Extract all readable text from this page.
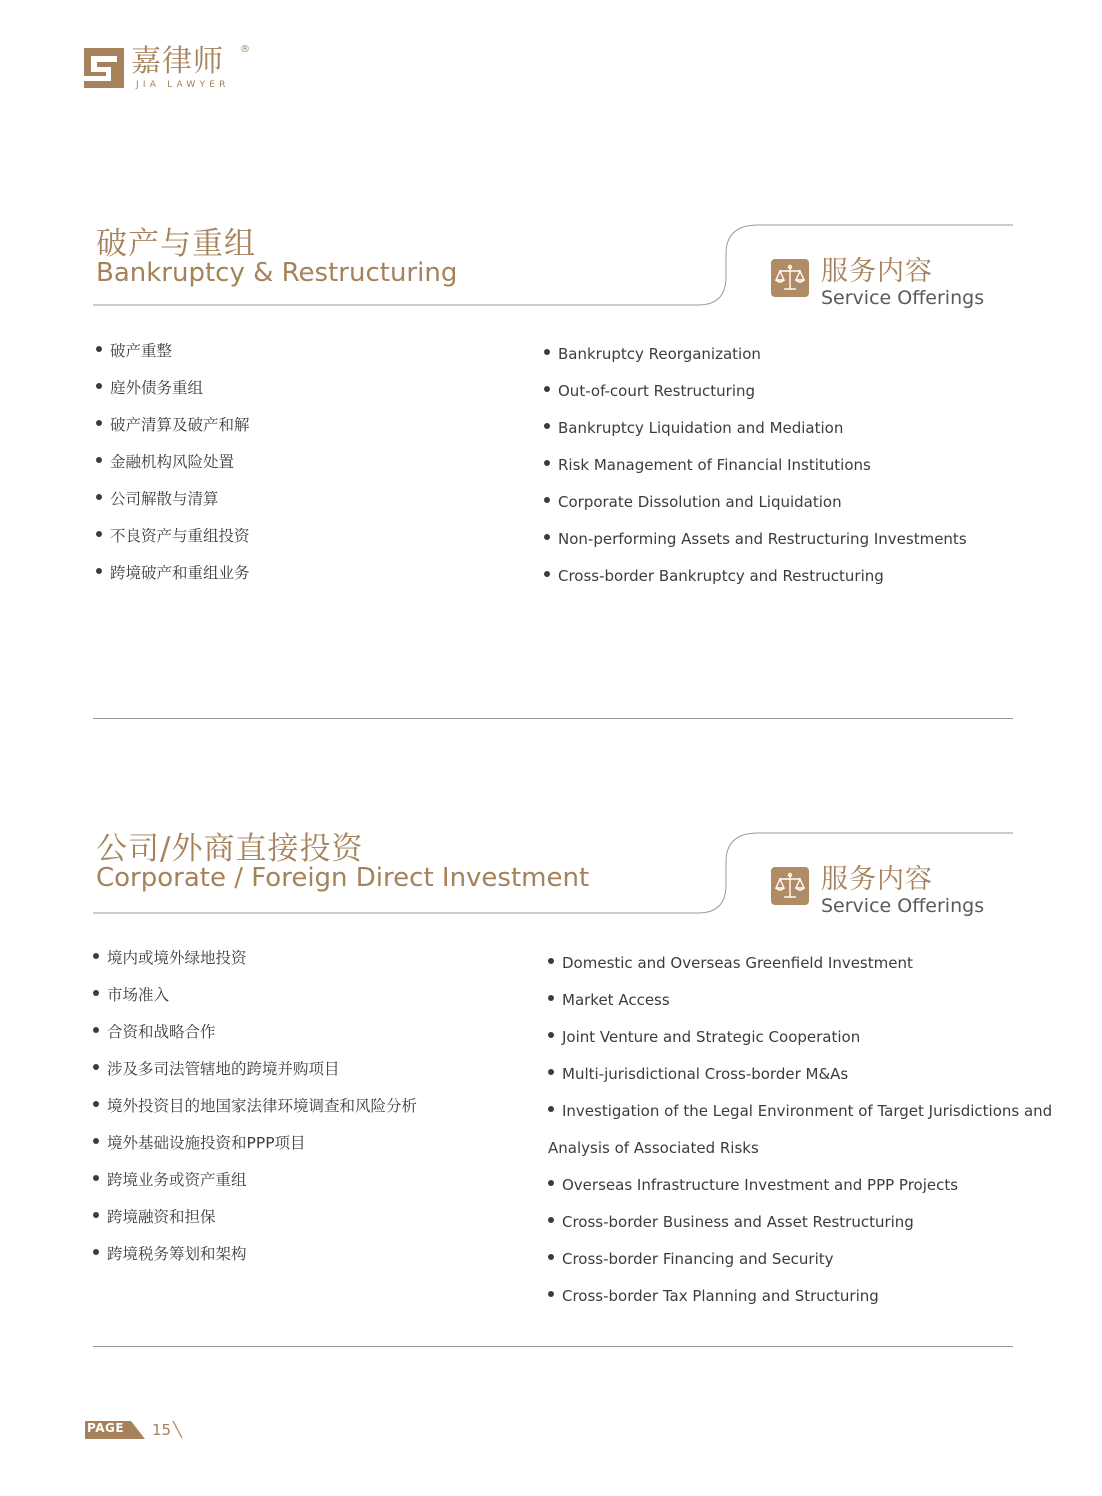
嘉律师 ®
JIA LAWYER
破产与重组
Bankruptcy & Restructuring	服务内容
Service Offerings
破产重整
庭外债务重组
破产清算及破产和解
金融机构风险处置
公司解散与清算
不良资产与重组投资
跨境破产和重组业务
Bankruptcy Reorganization
Out-of-court Restructuring
Bankruptcy Liquidation and Mediation
Risk Management of Financial Institutions
Corporate Dissolution and Liquidation
Non-performing Assets and Restructuring Investments
Cross-border Bankruptcy and Restructuring
公司/外商直接投资
Corporate / Foreign Direct Investment	服务内容
Service Offerings
境内或境外绿地投资
市场准入
合资和战略合作
涉及多司法管辖地的跨境并购项目
境外投资目的地国家法律环境调查和风险分析
境外基础设施投资和PPP项目
跨境业务或资产重组
跨境融资和担保
跨境税务筹划和架构
Domestic and Overseas Greenfield Investment
Market Access
Joint Venture and Strategic Cooperation
Multi-jurisdictional Cross-border M&As
Investigation of the Legal Environment of Target Jurisdictions and
Analysis of Associated Risks
Overseas Infrastructure Investment and PPP Projects
Cross-border Business and Asset Restructuring
Cross-border Financing and Security
Cross-border Tax Planning and Structuring
PAGE 15
